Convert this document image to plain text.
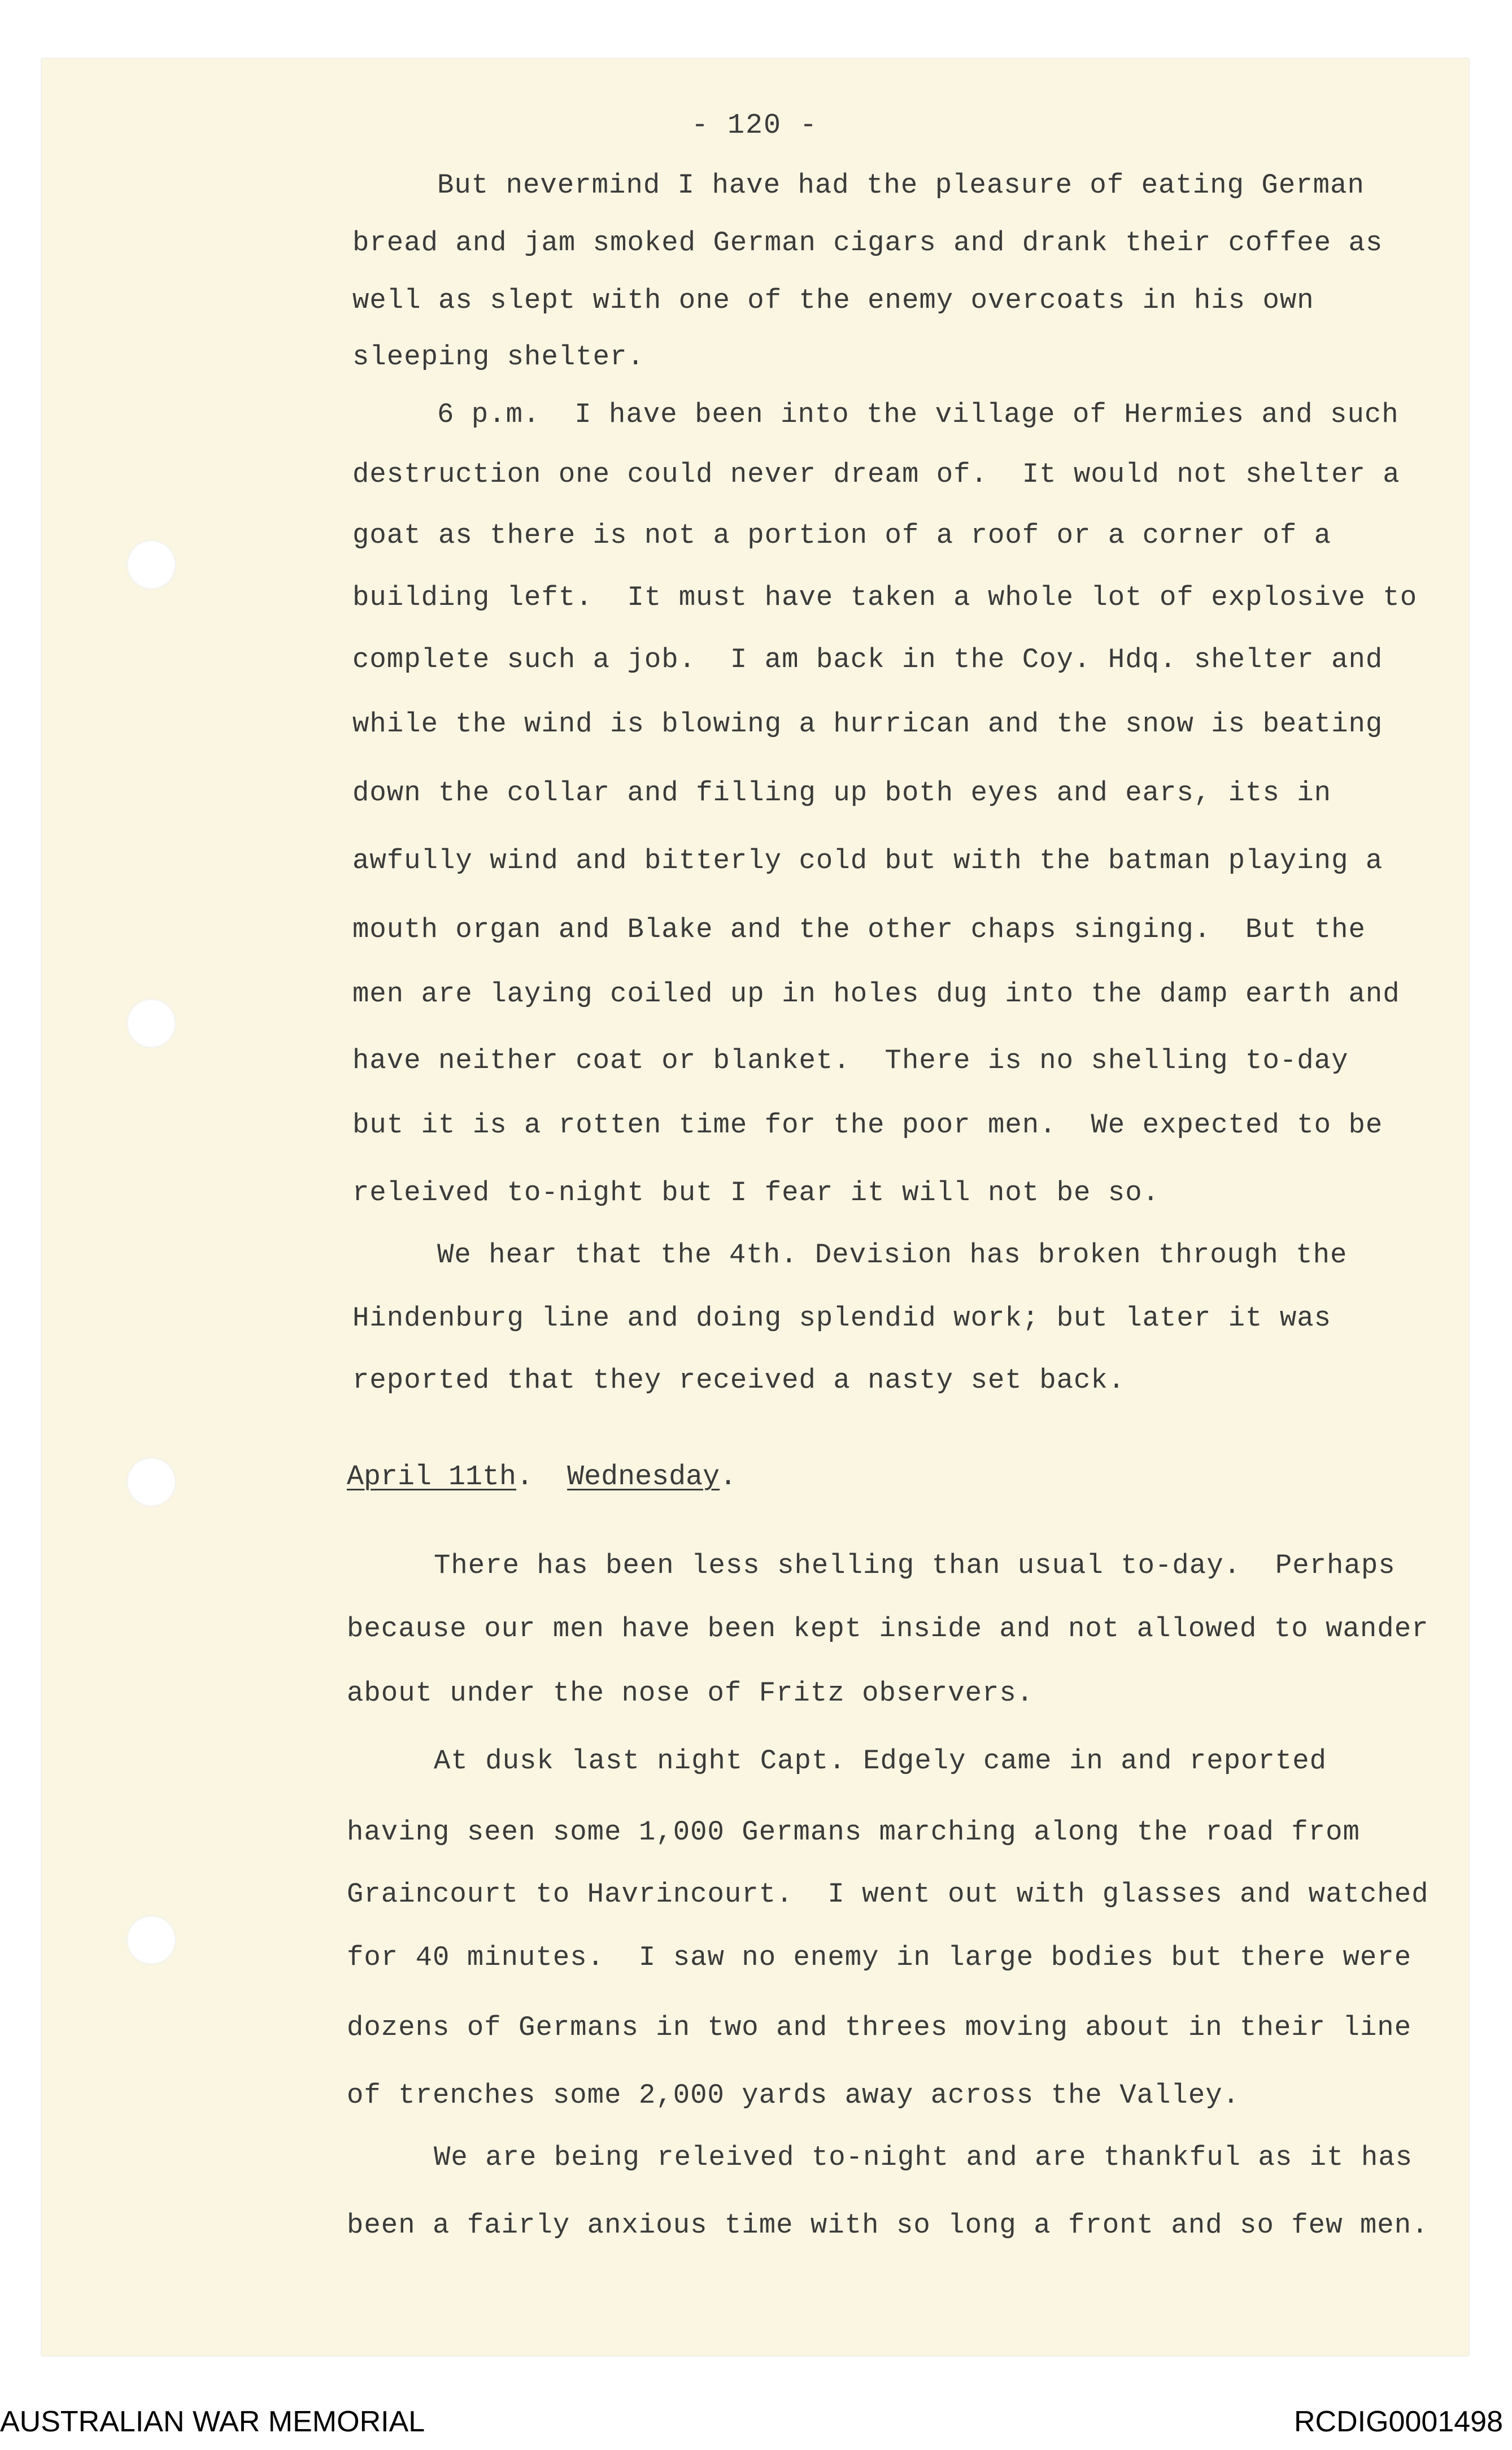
- 120 -
But nevermind I have had the pleasure of eating German
bread and jam smoked German cigars and drank their coffee as
well as slept with one of the enemy overcoats in his own
sleeping shelter.
6 p.m.  I have been into the village of Hermies and such
destruction one could never dream of.  It would not shelter a
goat as there is not a portion of a roof or a corner of a
building left.  It must have taken a whole lot of explosive to
complete such a job.  I am back in the Coy. Hdq. shelter and
while the wind is blowing a hurrican and the snow is beating
down the collar and filling up both eyes and ears, its in
awfully wind and bitterly cold but with the batman playing a
mouth organ and Blake and the other chaps singing.  But the
men are laying coiled up in holes dug into the damp earth and
have neither coat or blanket.  There is no shelling to-day
but it is a rotten time for the poor men.  We expected to be
releived to-night but I fear it will not be so.
We hear that the 4th. Devision has broken through the
Hindenburg line and doing splendid work; but later it was
reported that they received a nasty set back.
April 11th.  Wednesday.
There has been less shelling than usual to-day.  Perhaps
because our men have been kept inside and not allowed to wander
about under the nose of Fritz observers.
At dusk last night Capt. Edgely came in and reported
having seen some 1,000 Germans marching along the road from
Graincourt to Havrincourt.  I went out with glasses and watched
for 40 minutes.  I saw no enemy in large bodies but there were
dozens of Germans in two and threes moving about in their line
of trenches some 2,000 yards away across the Valley.
We are being releived to-night and are thankful as it has
been a fairly anxious time with so long a front and so few men.
AUSTRALIAN WAR MEMORIAL	RCDIG0001498
